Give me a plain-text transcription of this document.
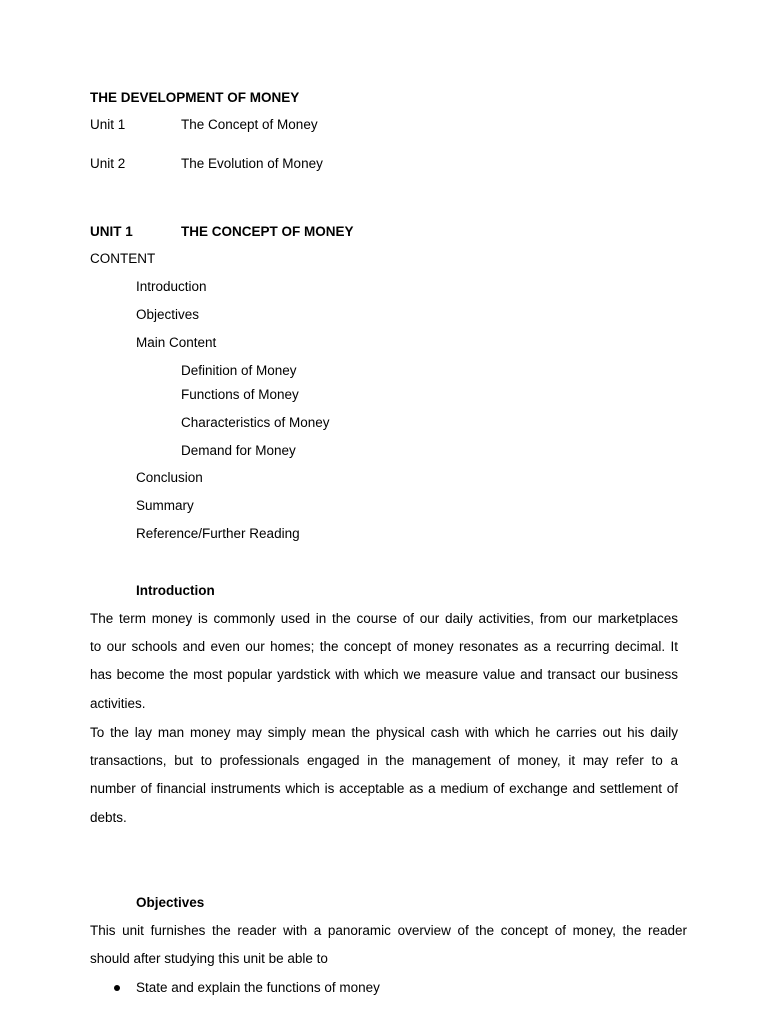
THE DEVELOPMENT OF MONEY
Unit 1	The Concept of Money
Unit 2	The Evolution of Money
UNIT 1	THE CONCEPT OF MONEY
CONTENT
Introduction
Objectives
Main Content
Definition of Money
Functions of Money
Characteristics of Money
Demand for Money
Conclusion
Summary
Reference/Further Reading
Introduction
The term money is commonly used in the course of our daily activities, from our marketplaces
to our schools and even our homes; the concept of money resonates as a recurring decimal. It
has become the most popular yardstick with which we measure value and transact our business
activities.
To the lay man money may simply mean the physical cash with which he carries out his daily
transactions, but to professionals engaged in the management of money, it may refer to a
number of financial instruments which is acceptable as a medium of exchange and settlement of
debts.
Objectives
This unit furnishes the reader with a panoramic overview of the concept of money, the reader
should after studying this unit be able to
State and explain the functions of money
